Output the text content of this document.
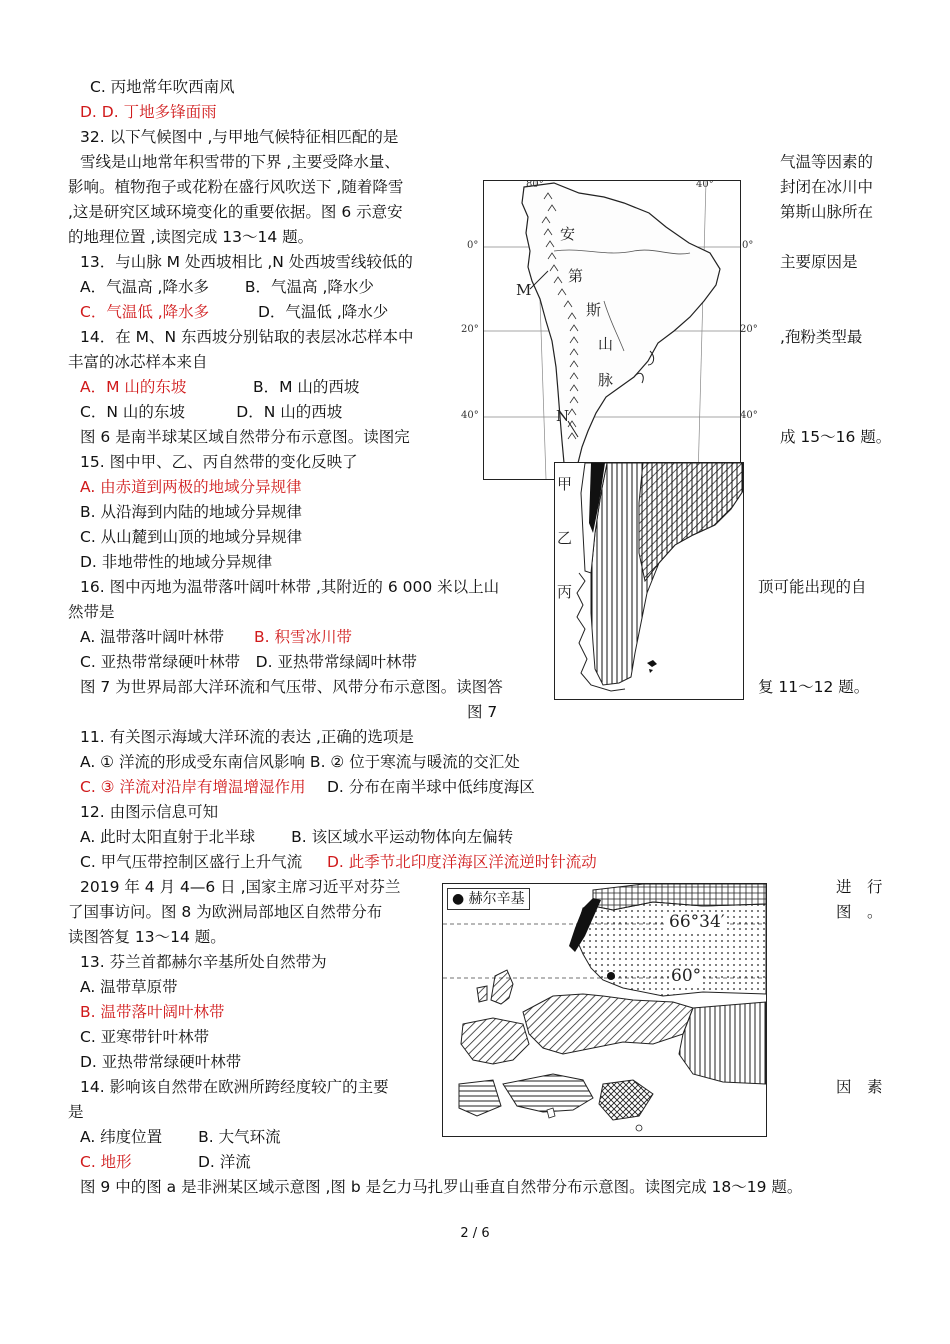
C. 丙地常年吹西南风
D. D. 丁地多锋面雨
32. 以下气候图中 ,与甲地气候特征相匹配的是
雪线是山地常年积雪带的下界 ,主要受降水量、	气温等因素的
影响。植物孢子或花粉在盛行风吹送下 ,随着降雪	封闭在冰川中
,这是研究区域环境变化的重要依据。图 6 示意安	第斯山脉所在
的地理位置 ,读图完成 13～14 题。
13．与山脉 M 处西坡相比 ,N 处西坡雪线较低的	主要原因是
A．气温高 ,降水多　　 B．气温高 ,降水少
C．气温低 ,降水多	D．气温低 ,降水少
14．在 M、N 东西坡分别钻取的表层冰芯样本中	,孢粉类型最
丰富的冰芯样本来自
A．M 山的东坡	B．M 山的西坡
C．N 山的东坡　　　 D．N 山的西坡
图 6 是南半球某区域自然带分布示意图。读图完	成 15～16 题。
15. 图中甲、乙、丙自然带的变化反映了
A. 由赤道到两极的地域分异规律
B. 从沿海到内陆的地域分异规律
C. 从山麓到山顶的地域分异规律
D. 非地带性的地域分异规律
16. 图中丙地为温带落叶阔叶林带 ,其附近的 6 000 米以上山	顶可能出现的自
然带是
A. 温带落叶阔叶林带 B. 积雪冰川带
C. 亚热带常绿硬叶林带　D. 亚热带常绿阔叶林带
图 7 为世界局部大洋环流和气压带、风带分布示意图。读图答	复 11～12 题。
图 7
11. 有关图示海域大洋环流的表达 ,正确的选项是
A. ① 洋流的形成受东南信风影响 B. ② 位于寒流与暖流的交汇处
C. ③ 洋流对沿岸有增温增湿作用 D. 分布在南半球中低纬度海区
12. 由图示信息可知
A. 此时太阳直射于北半球　　 B. 该区域水平运动物体向左偏转
C. 甲气压带控制区盛行上升气流 D. 此季节北印度洋海区洋流逆时针流动
2019 年 4 月 4—6 日 ,国家主席习近平对芬兰	进　行
了国事访问。图 8 为欧洲局部地区自然带分布	图　。
读图答复 13～14 题。
13. 芬兰首都赫尔辛基所处自然带为
A. 温带草原带
B. 温带落叶阔叶林带
C. 亚寒带针叶林带
D. 亚热带常绿硬叶林带
14. 影响该自然带在欧洲所跨经度较广的主要	因　素
是
A. 纬度位置　　 B. 大气环流
C. 地形	D. 洋流
图 9 中的图 a 是非洲某区域示意图 ,图 b 是乞力马扎罗山垂直自然带分布示意图。读图完成 18～19 题。
80°	40°
安
第
斯
山
脉
M
N
0°
20°
40°
0°
20°
40°
甲
乙
丙
● 赫尔辛基
66°34′
60°
2 / 6
